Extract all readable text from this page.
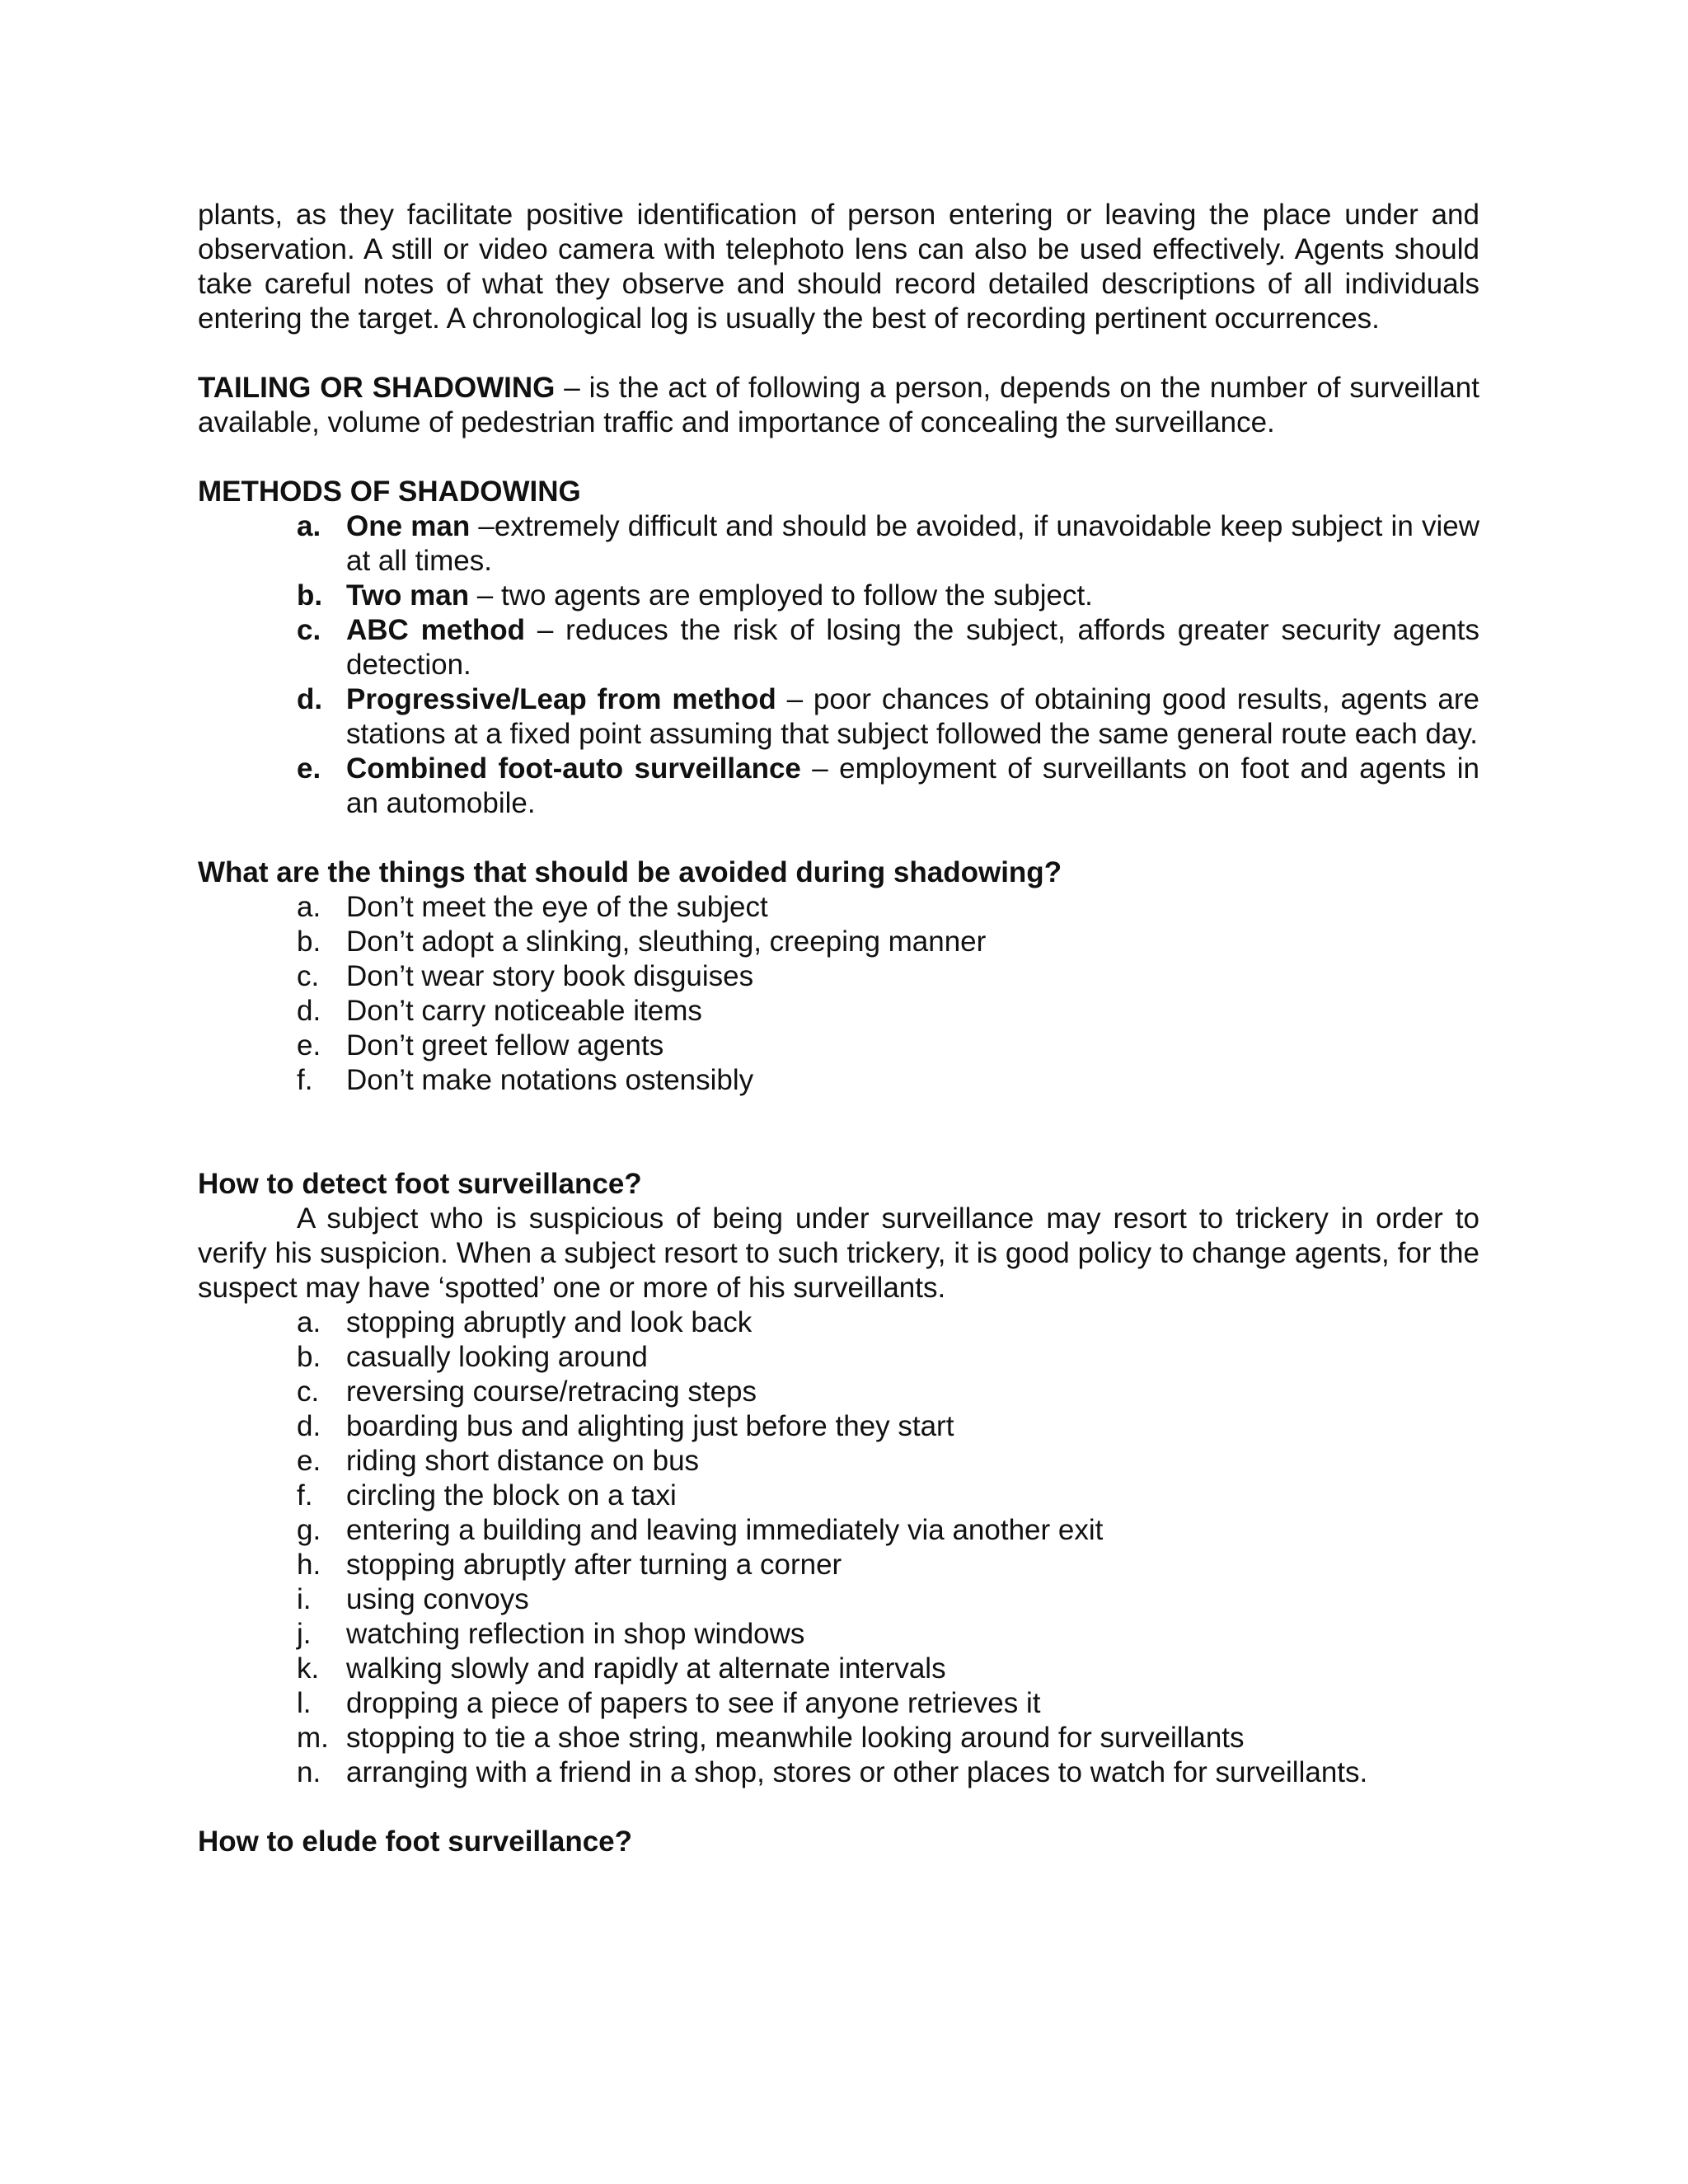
plants, as they facilitate positive identification of person entering or leaving the place under and observation. A still or video camera with telephoto lens can also be used effectively. Agents should take careful notes of what they observe and should record detailed descriptions of all individuals entering the target. A chronological log is usually the best of recording pertinent occurrences.

TAILING OR SHADOWING – is the act of following a person, depends on the number of surveillant available, volume of pedestrian traffic and importance of concealing the surveillance.

METHODS OF SHADOWING

a. One man –extremely difficult and should be avoided, if unavoidable keep subject in view at all times.
b. Two man – two agents are employed to follow the subject.
c. ABC method – reduces the risk of losing the subject, affords greater security agents detection.
d. Progressive/Leap from method – poor chances of obtaining good results, agents are stations at a fixed point assuming that subject followed the same general route each day.
e. Combined foot-auto surveillance – employment of surveillants on foot and agents in an automobile.

What are the things that should be avoided during shadowing?

a. Don’t meet the eye of the subject
b. Don’t adopt a slinking, sleuthing, creeping manner
c. Don’t wear story book disguises
d. Don’t carry noticeable items
e. Don’t greet fellow agents
f.	Don’t make notations ostensibly

How to detect foot surveillance?

A subject who is suspicious of being under surveillance may resort to trickery in order to verify his suspicion. When a subject resort to such trickery, it is good policy to change agents, for the suspect may have ‘spotted’ one or more of his surveillants.

a. stopping abruptly and look back
b. casually looking around
c. reversing course/retracing steps
d. boarding bus and alighting just before they start
e. riding short distance on bus
f.	circling the block on a taxi
g. entering a building and leaving immediately via another exit
h. stopping abruptly after turning a corner
i.	using convoys
j.	watching reflection in shop windows
k. walking slowly and rapidly at alternate intervals
l.	dropping a piece of papers to see if anyone retrieves it
m. stopping to tie a shoe string, meanwhile looking around for surveillants
n. arranging with a friend in a shop, stores or other places to watch for surveillants.

How to elude foot surveillance?
